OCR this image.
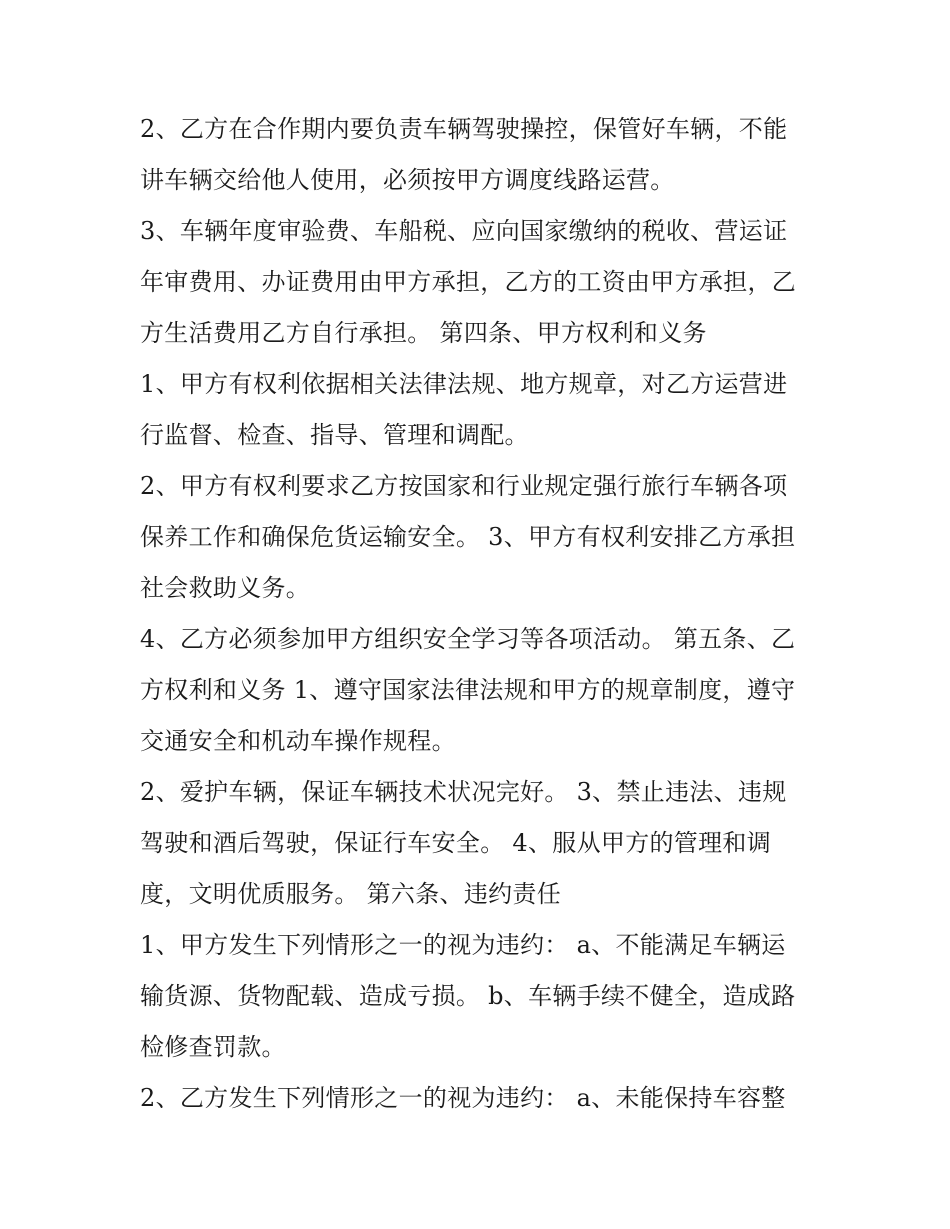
2、乙方在合作期内要负责车辆驾驶操控，保管好车辆，不能
讲车辆交给他人使用，必须按甲方调度线路运营。
3、车辆年度审验费、车船税、应向国家缴纳的税收、营运证
年审费用、办证费用由甲方承担，乙方的工资由甲方承担，乙
方生活费用乙方自行承担。 第四条、甲方权利和义务
1、甲方有权利依据相关法律法规、地方规章，对乙方运营进
行监督、检查、指导、管理和调配。
2、甲方有权利要求乙方按国家和行业规定强行旅行车辆各项
保养工作和确保危货运输安全。 3、甲方有权利安排乙方承担
社会救助义务。
4、乙方必须参加甲方组织安全学习等各项活动。 第五条、乙
方权利和义务 1、遵守国家法律法规和甲方的规章制度，遵守
交通安全和机动车操作规程。
2、爱护车辆，保证车辆技术状况完好。 3、禁止违法、违规
驾驶和酒后驾驶，保证行车安全。 4、服从甲方的管理和调
度，文明优质服务。 第六条、违约责任
1、甲方发生下列情形之一的视为违约： a、不能满足车辆运
输货源、货物配载、造成亏损。 b、车辆手续不健全，造成路
检修查罚款。
2、乙方发生下列情形之一的视为违约： a、未能保持车容整
